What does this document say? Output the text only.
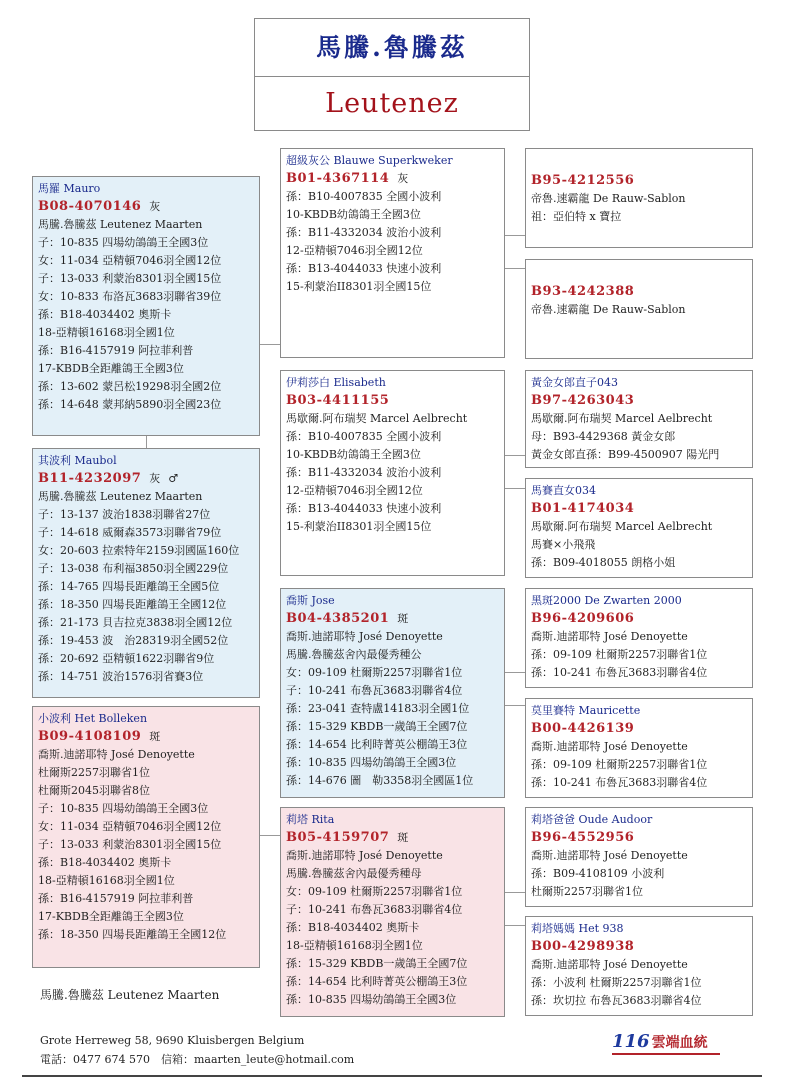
馬騰.魯騰茲
Leutenez
馬羅 Mauro
B08-4070146 灰
馬騰.魯騰茲 Leutenez Maarten
子：10-835 四場幼鴿鴿王全國3位
女：11-034 亞精頓7046羽全國12位
子：13-033 利蒙治8301羽全國15位
女：10-833 布洛瓦3683羽聯省39位
孫：B18-4034402 奧斯卡
18-亞精頓16168羽全國1位
孫：B16-4157919 阿拉菲利普
17-KBDB全距離鴿王全國3位
孫：13-602 蒙呂松19298羽全國2位
孫：14-648 蒙邦納5890羽全國23位
其波利 Maubol
B11-4232097 灰 ♂
馬騰.魯騰茲 Leutenez Maarten
子：13-137 波治1838羽聯省27位
子：14-618 威爾森3573羽聯省79位
女：20-603 拉索特年2159羽國區160位
子：13-038 布利福3850羽全國229位
孫：14-765 四場長距離鴿王全國5位
孫：18-350 四場長距離鴿王全國12位
孫：21-173 貝吉拉克3838羽全國12位
孫：19-453 波　治28319羽全國52位
孫：20-692 亞精頓1622羽聯省9位
孫：14-751 波治1576羽省賽3位
小波利 Het Bolleken
B09-4108109 斑
喬斯.迪諾耶特 José Denoyette
杜爾斯2257羽聯省1位
杜爾斯2045羽聯省8位
子：10-835 四場幼鴿鴿王全國3位
女：11-034 亞精頓7046羽全國12位
子：13-033 利蒙治8301羽全國15位
孫：B18-4034402 奧斯卡
18-亞精頓16168羽全國1位
孫：B16-4157919 阿拉菲利普
17-KBDB全距離鴿王全國3位
孫：18-350 四場長距離鴿王全國12位
超級灰公 Blauwe Superkweker
B01-4367114 灰
孫：B10-4007835 全國小波利
10-KBDB幼鴿鴿王全國3位
孫：B11-4332034 波治小波利
12-亞精頓7046羽全國12位
孫：B13-4044033 快速小波利
15-利蒙治II8301羽全國15位
伊莉莎白 Elisabeth
B03-4411155
馬歇爾.阿布瑞契 Marcel Aelbrecht
孫：B10-4007835 全國小波利
10-KBDB幼鴿鴿王全國3位
孫：B11-4332034 波治小波利
12-亞精頓7046羽全國12位
孫：B13-4044033 快速小波利
15-利蒙治II8301羽全國15位
喬斯 Jose
B04-4385201 斑
喬斯.迪諾耶特 José Denoyette
馬騰.魯騰茲舍內最優秀種公
女：09-109 杜爾斯2257羽聯省1位
子：10-241 布魯瓦3683羽聯省4位
孫：23-041 查特盧14183羽全國1位
孫：15-329 KBDB一歲鴿王全國7位
孫：14-654 比利時菁英公棚鴿王3位
孫：10-835 四場幼鴿鴿王全國3位
孫：14-676 圖　勒3358羽全國區1位
莉塔 Rita
B05-4159707 斑
喬斯.迪諾耶特 José Denoyette
馬騰.魯騰茲舍內最優秀種母
女：09-109 杜爾斯2257羽聯省1位
子：10-241 布魯瓦3683羽聯省4位
孫：B18-4034402 奧斯卡
18-亞精頓16168羽全國1位
孫：15-329 KBDB一歲鴿王全國7位
孫：14-654 比利時菁英公棚鴿王3位
孫：10-835 四場幼鴿鴿王全國3位
B95-4212556
帝魯.速霸龍 De Rauw-Sablon
祖：亞伯特 x 寶拉
B93-4242388
帝魯.速霸龍 De Rauw-Sablon
黃金女郎直子043
B97-4263043
馬歇爾.阿布瑞契 Marcel Aelbrecht
母：B93-4429368 黃金女郎
黃金女郎直孫：B99-4500907 陽光門
馬賽直女034
B01-4174034
馬歇爾.阿布瑞契 Marcel Aelbrecht
馬賽×小飛飛
孫：B09-4018055 朗格小姐
黑斑2000 De Zwarten 2000
B96-4209606
喬斯.迪諾耶特 José Denoyette
孫：09-109 杜爾斯2257羽聯省1位
孫：10-241 布魯瓦3683羽聯省4位
莫里賽特 Mauricette
B00-4426139
喬斯.迪諾耶特 José Denoyette
孫：09-109 杜爾斯2257羽聯省1位
孫：10-241 布魯瓦3683羽聯省4位
莉塔爸爸 Oude Audoor
B96-4552956
喬斯.迪諾耶特 José Denoyette
孫：B09-4108109 小波利
杜爾斯2257羽聯省1位
莉塔媽媽 Het 938
B00-4298938
喬斯.迪諾耶特 José Denoyette
孫：小波利 杜爾斯2257羽聯省1位
孫：坎切拉 布魯瓦3683羽聯省4位
馬騰.魯騰茲 Leutenez Maarten
Grote Herreweg 58, 9690 Kluisbergen Belgium
電話：0477 674 570　信箱：maarten_leute@hotmail.com
116 雲端血統
